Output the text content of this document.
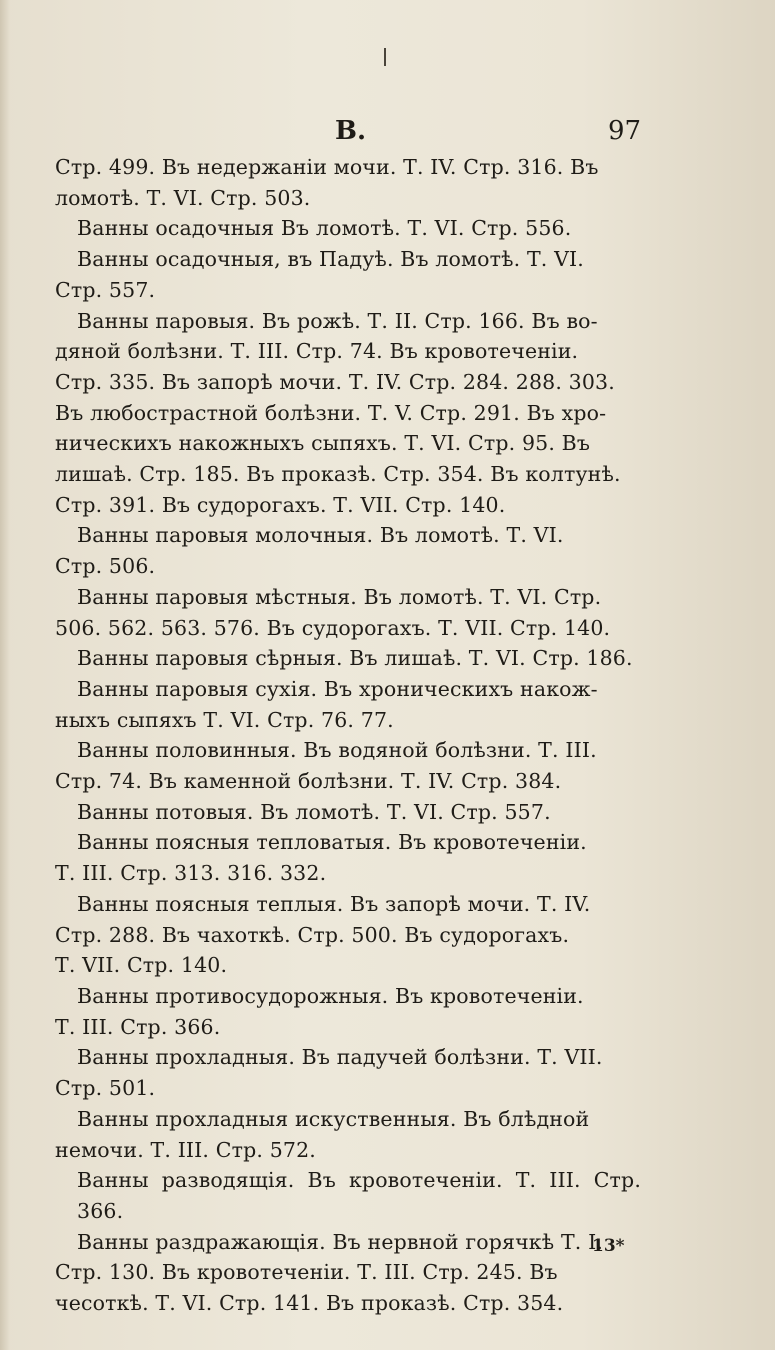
В.	97
Стр. 499. Въ недержаніи мочи. Т. IV. Стр. 316. Въ
ломотѣ. Т. VI. Стр. 503.
Ванны осадочныя Въ ломотѣ. Т. VI. Стр. 556.
Ванны осадочныя, въ Падуѣ. Въ ломотѣ. Т. VI.
Стр. 557.
Ванны паровыя. Въ рожѣ. Т. II. Стр. 166. Въ во-
дяной болѣзни. Т. III. Стр. 74. Въ кровотеченіи.
Стр. 335. Въ запорѣ мочи. Т. IV. Стр. 284. 288. 303.
Въ любострастной болѣзни. Т. V. Стр. 291. Въ хро-
ническихъ накожныхъ сыпяхъ. Т. VI. Стр. 95. Въ
лишаѣ. Стр. 185. Въ проказѣ. Стр. 354. Въ колтунѣ.
Стр. 391. Въ судорогахъ. Т. VII. Стр. 140.
Ванны паровыя молочныя. Въ ломотѣ. Т. VI.
Стр. 506.
Ванны паровыя мѣстныя. Въ ломотѣ. Т. VI. Стр.
506. 562. 563. 576. Въ судорогахъ. Т. VII. Стр. 140.
Ванны паровыя сѣрныя. Въ лишаѣ. Т. VI. Стр. 186.
Ванны паровыя сухія. Въ хроническихъ накож-
ныхъ сыпяхъ Т. VI. Стр. 76. 77.
Ванны половинныя. Въ водяной болѣзни. Т. III.
Стр. 74. Въ каменной болѣзни. Т. IV. Стр. 384.
Ванны потовыя. Въ ломотѣ. Т. VI. Стр. 557.
Ванны поясныя тепловатыя. Въ кровотеченіи.
Т. III. Стр. 313. 316. 332.
Ванны поясныя теплыя. Въ запорѣ мочи. Т. IV.
Стр. 288. Въ чахоткѣ. Стр. 500. Въ судорогахъ.
Т. VII. Стр. 140.
Ванны противосудорожныя. Въ кровотеченіи.
Т. III. Стр. 366.
Ванны прохладныя. Въ падучей болѣзни. Т. VII.
Стр. 501.
Ванны прохладныя искуственныя. Въ блѣдной
немочи. Т. III. Стр. 572.
Ванны разводящія. Въ кровотеченіи. Т. III. Стр. 366.
Ванны раздражающія. Въ нервной горячкѣ Т. I.
Стр. 130. Въ кровотеченіи. Т. III. Стр. 245. Въ
чесоткѣ. Т. VI. Стр. 141. Въ проказѣ. Стр. 354.
13*
